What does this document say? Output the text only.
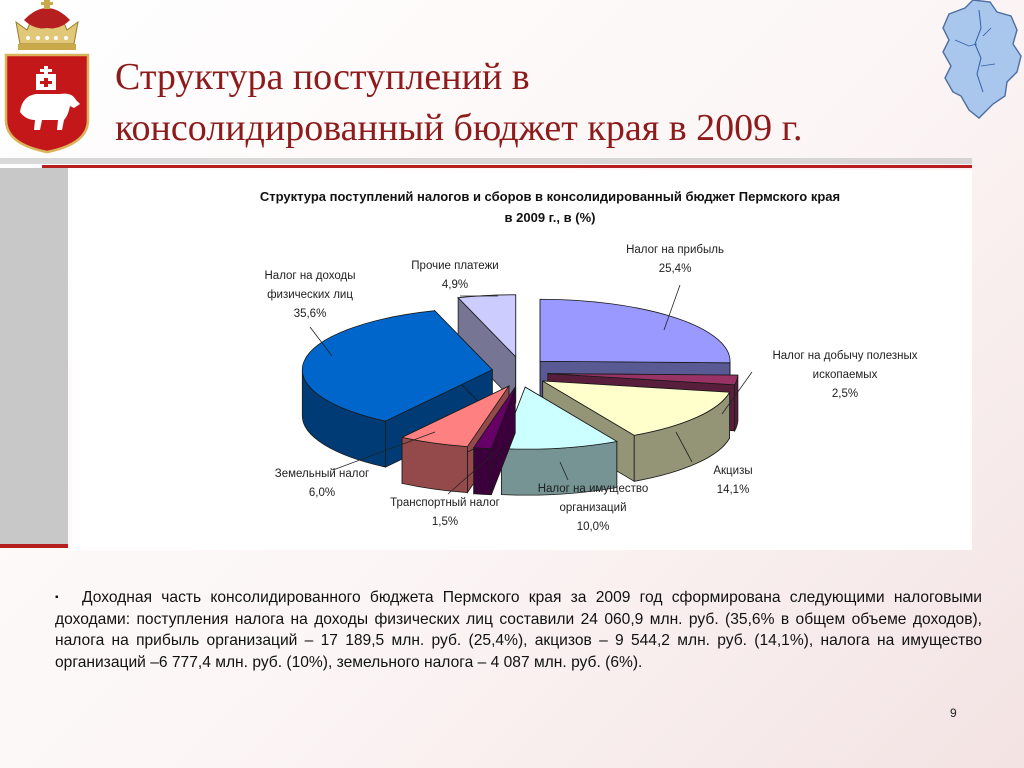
Структура поступлений в
консолидированный бюджет края в 2009 г.
Структура поступлений налогов и сборов в консолидированный бюджет Пермского края
в 2009 г., в (%)
Налог на прибыль
25,4%
Налог на добычу полезных
ископаемых
2,5%
Акцизы
14,1%
Налог на имущество
организаций
10,0%
Транспортный налог
1,5%
Земельный налог
6,0%
Налог на доходы
физических лиц
35,6%
Прочие платежи
4,9%
▪ Доходная часть консолидированного бюджета Пермского края за 2009 год сформирована следующими налоговыми доходами: поступления налога на доходы физических лиц составили 24 060,9 млн. руб. (35,6% в общем объеме доходов), налога на прибыль организаций – 17 189,5 млн. руб. (25,4%), акцизов – 9 544,2 млн. руб. (14,1%), налога на имущество организаций –6 777,4 млн. руб. (10%), земельного налога – 4 087 млн. руб. (6%).
9
